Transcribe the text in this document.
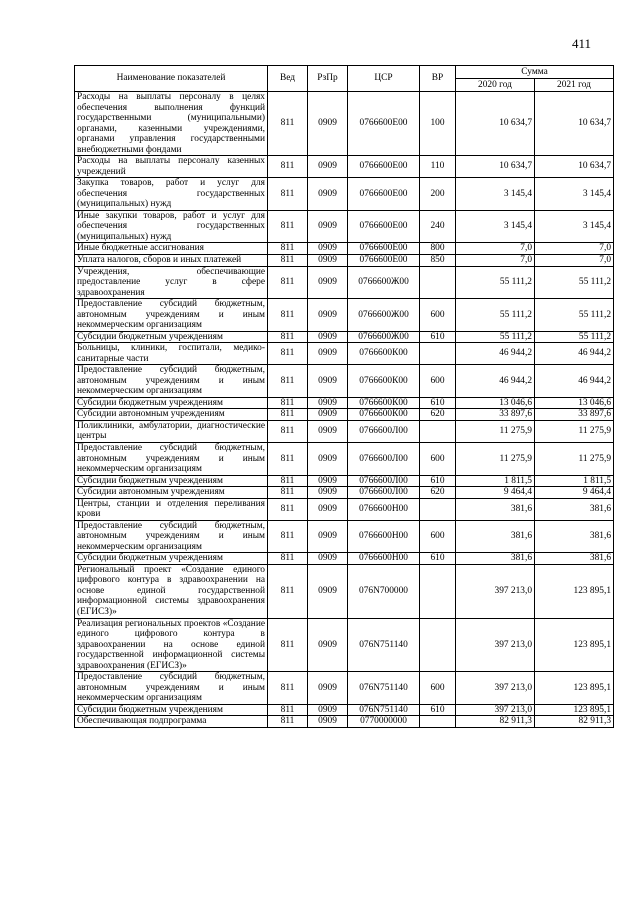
411
Наименование показателей	Вед	РзПр	ЦСР	ВР	Сумма	
					2020 год	2021 год
Расходы на выплаты персоналу в целях обеспечения выполнения функций государственными (муниципальными) органами, казенными учреждениями, органами управления государственными внебюджетными фондами	811	0909	0766600Е00	100	10 634,7	10 634,7
Расходы на выплаты персоналу казенных учреждений	811	0909	0766600Е00	110	10 634,7	10 634,7
Закупка товаров, работ и услуг для обеспечения государственных (муниципальных) нужд	811	0909	0766600Е00	200	3 145,4	3 145,4
Иные закупки товаров, работ и услуг для обеспечения государственных (муниципальных) нужд	811	0909	0766600Е00	240	3 145,4	3 145,4
Иные бюджетные ассигнования	811	0909	0766600Е00	800	7,0	7,0
Уплата налогов, сборов и иных платежей	811	0909	0766600Е00	850	7,0	7,0
Учреждения, обеспечивающие предоставление услуг в сфере здравоохранения	811	0909	0766600Ж00		55 111,2	55 111,2
Предоставление субсидий бюджетным, автономным учреждениям и иным некоммерческим организациям	811	0909	0766600Ж00	600	55 111,2	55 111,2
Субсидии бюджетным учреждениям	811	0909	0766600Ж00	610	55 111,2	55 111,2
Больницы, клиники, госпитали, медико-санитарные части	811	0909	0766600К00		46 944,2	46 944,2
Предоставление субсидий бюджетным, автономным учреждениям и иным некоммерческим организациям	811	0909	0766600К00	600	46 944,2	46 944,2
Субсидии бюджетным учреждениям	811	0909	0766600К00	610	13 046,6	13 046,6
Субсидии автономным учреждениям	811	0909	0766600К00	620	33 897,6	33 897,6
Поликлиники, амбулатории, диагностические центры	811	0909	0766600Л00		11 275,9	11 275,9
Предоставление субсидий бюджетным, автономным учреждениям и иным некоммерческим организациям	811	0909	0766600Л00	600	11 275,9	11 275,9
Субсидии бюджетным учреждениям	811	0909	0766600Л00	610	1 811,5	1 811,5
Субсидии автономным учреждениям	811	0909	0766600Л00	620	9 464,4	9 464,4
Центры, станции и отделения переливания крови	811	0909	0766600Н00		381,6	381,6
Предоставление субсидий бюджетным, автономным учреждениям и иным некоммерческим организациям	811	0909	0766600Н00	600	381,6	381,6
Субсидии бюджетным учреждениям	811	0909	0766600Н00	610	381,6	381,6
Региональный проект «Создание единого цифрового контура в здравоохранении на основе единой государственной информационной системы здравоохранения (ЕГИСЗ)»	811	0909	076N700000		397 213,0	123 895,1
Реализация региональных проектов «Создание единого цифрового контура в здравоохранении на основе единой государственной информационной системы здравоохранения (ЕГИСЗ)»	811	0909	076N751140		397 213,0	123 895,1
Предоставление субсидий бюджетным, автономным учреждениям и иным некоммерческим организациям	811	0909	076N751140	600	397 213,0	123 895,1
Субсидии бюджетным учреждениям	811	0909	076N751140	610	397 213,0	123 895,1
Обеспечивающая подпрограмма	811	0909	0770000000		82 911,3	82 911,3
